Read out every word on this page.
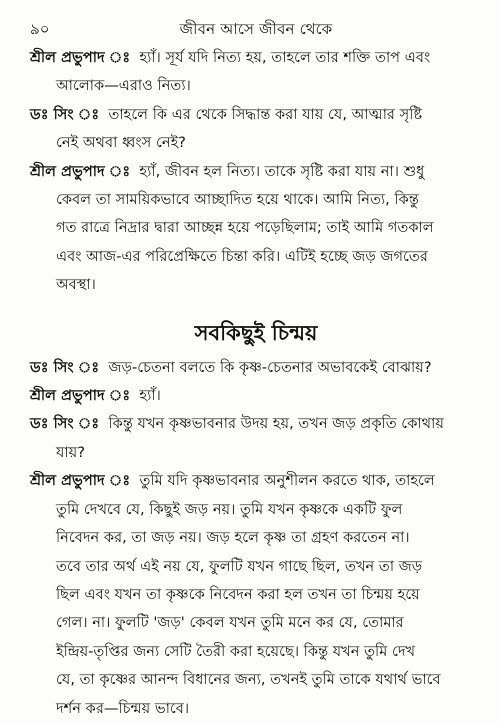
৯০	জীবন আসে জীবন থেকে
শ্রীল প্রভুপাদ ঃ হ্যাঁ। সূর্য যদি নিত্য হয়, তাহলে তার শক্তি তাপ এবং
আলোক—এরাও নিত্য।
ডঃ সিং ঃ তাহলে কি এর থেকে সিদ্ধান্ত করা যায় যে, আত্মার সৃষ্টি
নেই অথবা ধ্বংস নেই?
শ্রীল প্রভুপাদ ঃ হ্যাঁ, জীবন হল নিত্য। তাকে সৃষ্টি করা যায় না। শুধু
কেবল তা সাময়িকভাবে আচ্ছাদিত হয়ে থাকে। আমি নিত্য, কিন্তু
গত রাত্রে নিদ্রার দ্বারা আচ্ছন্ন হয়ে পড়েছিলাম; তাই আমি গতকাল
এবং আজ-এর পরিপ্রেক্ষিতে চিন্তা করি। এটিই হচ্ছে জড় জগতের
অবস্থা।
সবকিছুই চিন্ময়
ডঃ সিং ঃ জড়-চেতনা বলতে কি কৃষ্ণ-চেতনার অভাবকেই বোঝায়?
শ্রীল প্রভুপাদ ঃ হ্যাঁ।
ডঃ সিং ঃ কিন্তু যখন কৃষ্ণভাবনার উদয় হয়, তখন জড় প্রকৃতি কোথায়
যায়?
শ্রীল প্রভুপাদ ঃ তুমি যদি কৃষ্ণভাবনার অনুশীলন করতে থাক, তাহলে
তুমি দেখবে যে, কিছুই জড় নয়। তুমি যখন কৃষ্ণকে একটি ফুল
নিবেদন কর, তা জড় নয়। জড় হলে কৃষ্ণ তা গ্রহণ করতেন না।
তবে তার অর্থ এই নয় যে, ফুলটি যখন গাছে ছিল, তখন তা জড়
ছিল এবং যখন তা কৃষ্ণকে নিবেদন করা হল তখন তা চিন্ময় হয়ে
গেল। না। ফুলটি 'জড়' কেবল যখন তুমি মনে কর যে, তোমার
ইন্দ্রিয়-তৃপ্তির জন্য সেটি তৈরী করা হয়েছে। কিন্তু যখন তুমি দেখ
যে, তা কৃষ্ণের আনন্দ বিধানের জন্য, তখনই তুমি তাকে যথার্থ ভাবে
দর্শন কর—চিন্ময় ভাবে।
